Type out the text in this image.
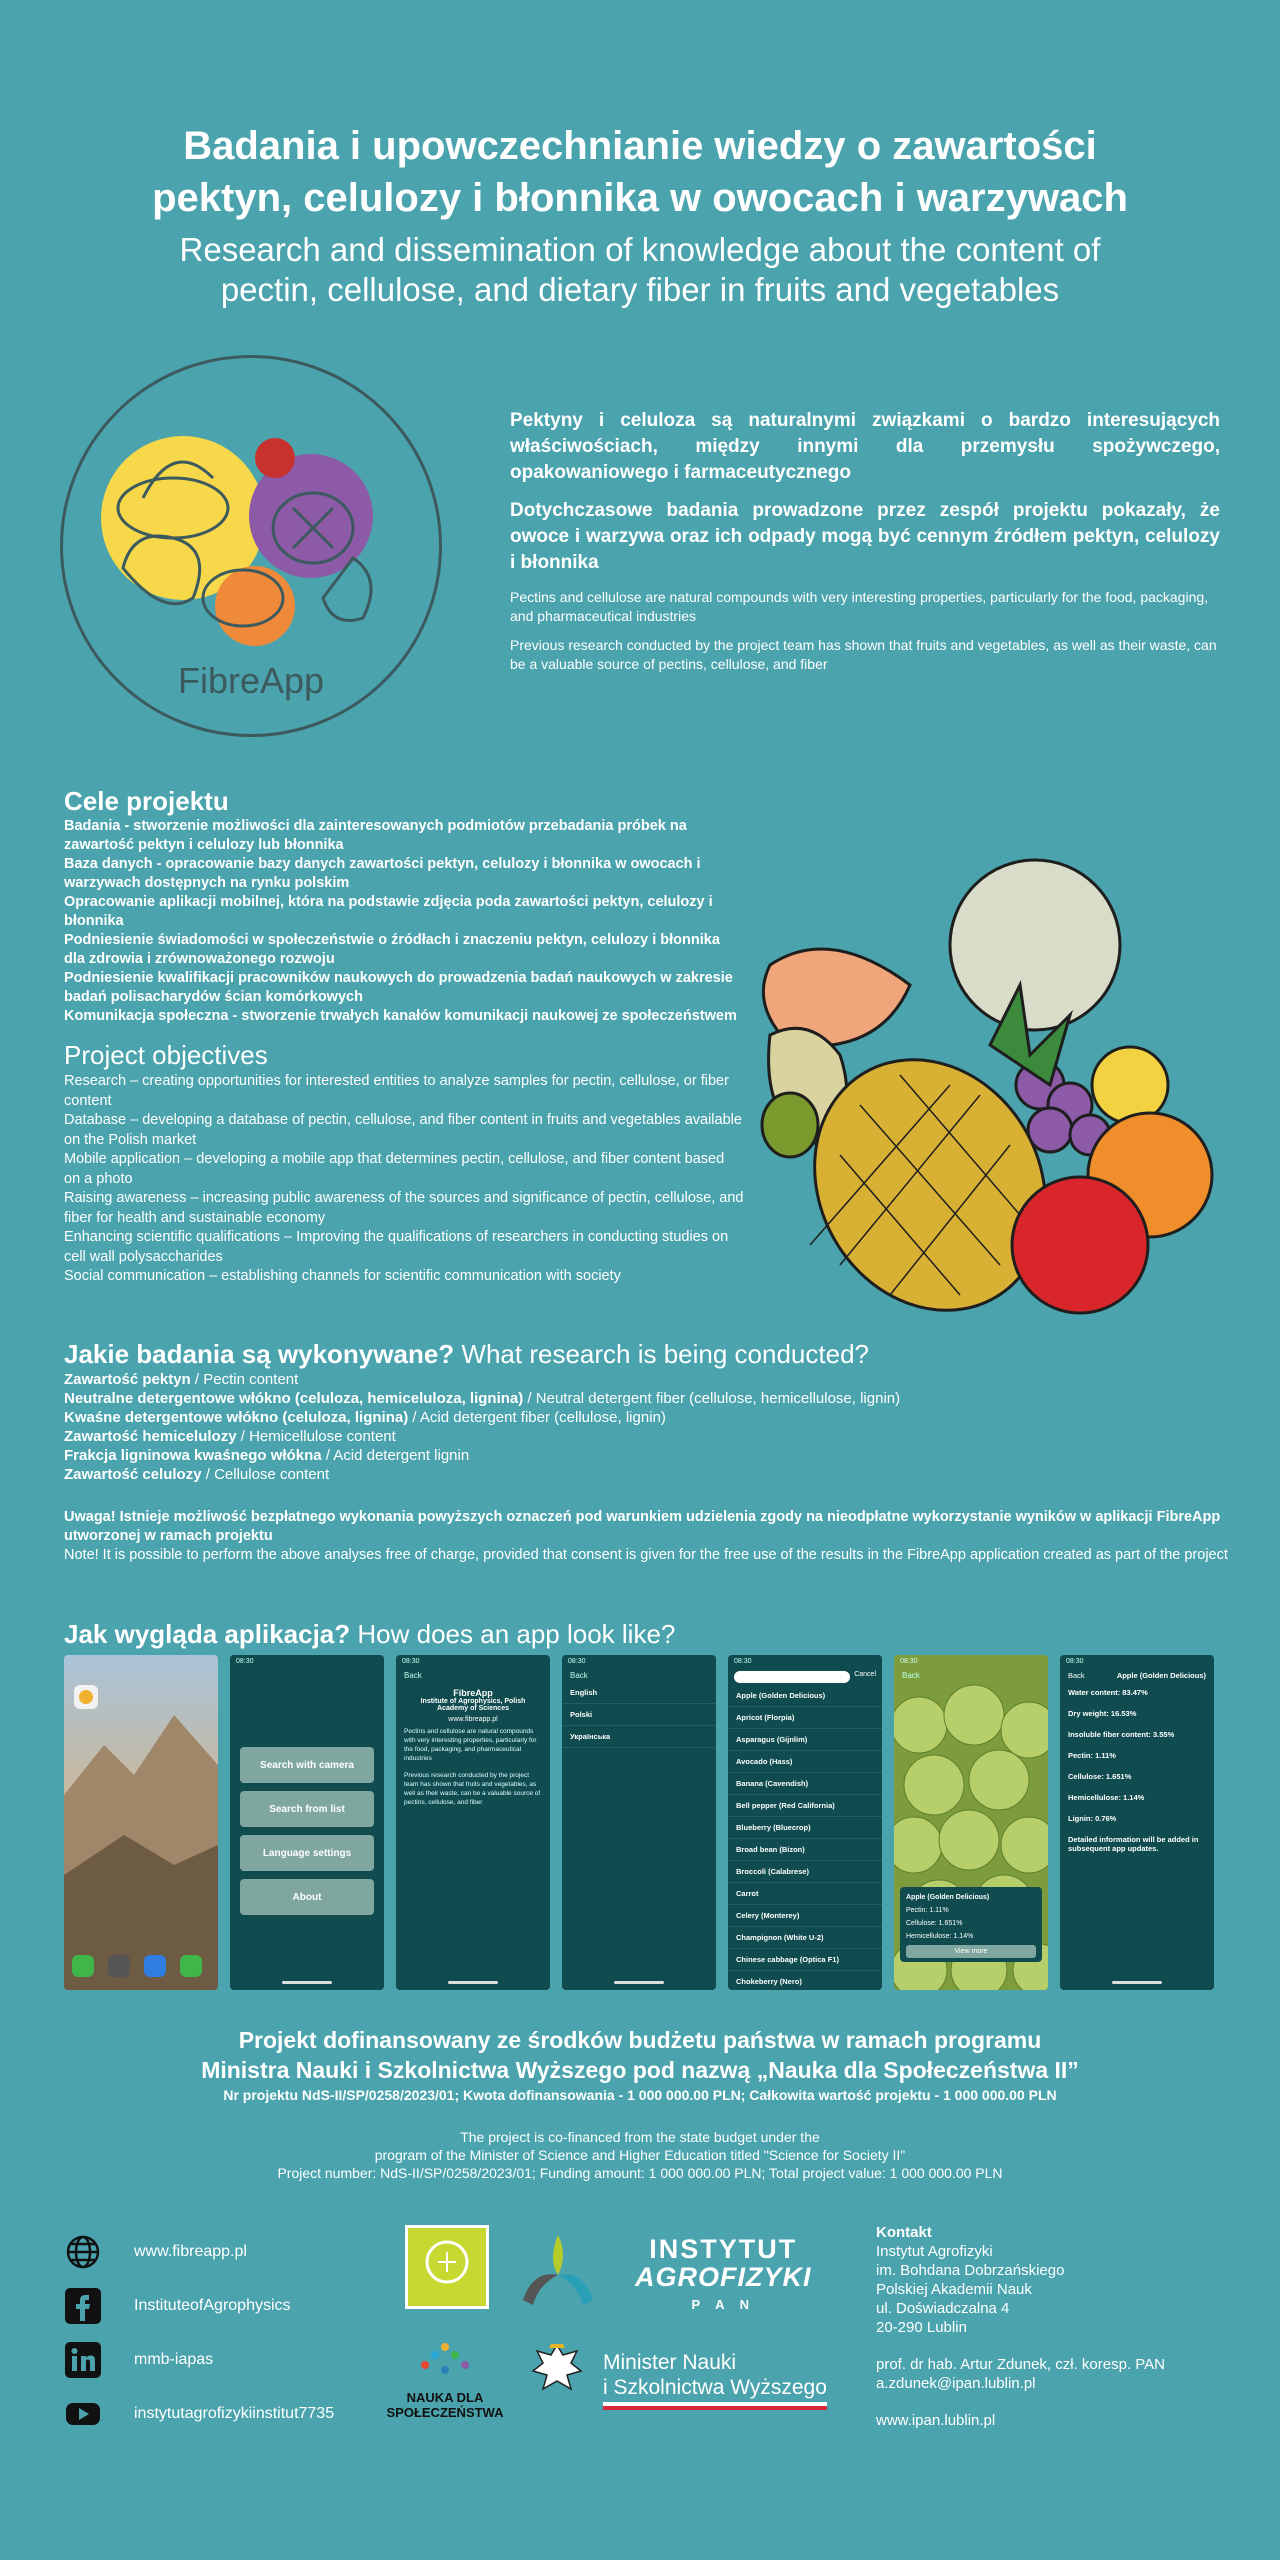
Badania i upowczechnianie wiedzy o zawartości
pektyn, celulozy i błonnika w owocach i warzywach
Research and dissemination of knowledge about the content of
pectin, cellulose, and dietary fiber in fruits and vegetables
FibreApp

Pektyny i celuloza są naturalnymi związkami o bardzo interesujących właściwościach, między innymi dla przemysłu spożywczego, opakowaniowego i farmaceutycznego

Dotychczasowe badania prowadzone przez zespół projektu pokazały, że owoce i warzywa oraz ich odpady mogą być cennym źródłem pektyn, celulozy i błonnika

Pectins and cellulose are natural compounds with very interesting properties, particularly for the food, packaging, and pharmaceutical industries

Previous research conducted by the project team has shown that fruits and vegetables, as well as their waste, can be a valuable source of pectins, cellulose, and fiber

Cele projektu
Badania - stworzenie możliwości dla zainteresowanych podmiotów przebadania próbek na zawartość pektyn i celulozy lub błonnika
Baza danych - opracowanie bazy danych zawartości pektyn, celulozy i błonnika w owocach i warzywach dostępnych na rynku polskim
Opracowanie aplikacji mobilnej, która na podstawie zdjęcia poda zawartości pektyn, celulozy i błonnika
Podniesienie świadomości w społeczeństwie o źródłach i znaczeniu pektyn, celulozy i błonnika dla zdrowia i zrównoważonego rozwoju
Podniesienie kwalifikacji pracowników naukowych do prowadzenia badań naukowych w zakresie badań polisacharydów ścian komórkowych
Komunikacja społeczna - stworzenie trwałych kanałów komunikacji naukowej ze społeczeństwem
Project objectives
Research – creating opportunities for interested entities to analyze samples for pectin, cellulose, or fiber content
Database – developing a database of pectin, cellulose, and fiber content in fruits and vegetables available on the Polish market
Mobile application – developing a mobile app that determines pectin, cellulose, and fiber content based on a photo
Raising awareness – increasing public awareness of the sources and significance of pectin, cellulose, and fiber for health and sustainable economy
Enhancing scientific qualifications – Improving the qualifications of researchers in conducting studies on cell wall polysaccharides
Social communication – establishing channels for scientific communication with society
Jakie badania są wykonywane? What research is being conducted?
Zawartość pektyn / Pectin content
Neutralne detergentowe włókno (celuloza, hemiceluloza, lignina) / Neutral detergent fiber (cellulose, hemicellulose, lignin)
Kwaśne detergentowe włókno (celuloza, lignina) / Acid detergent fiber (cellulose, lignin)
Zawartość hemicelulozy / Hemicellulose content
Frakcja ligninowa kwaśnego włókna / Acid detergent lignin
Zawartość celulozy / Cellulose content
Uwaga! Istnieje możliwość bezpłatnego wykonania powyższych oznaczeń pod warunkiem udzielenia zgody na nieodpłatne wykorzystanie wyników w aplikacji FibreApp utworzonej w ramach projektu
Note! It is possible to perform the above analyses free of charge, provided that consent is given for the free use of the results in the FibreApp application created as part of the project
Jak wygląda aplikacja? How does an app look like?
08:30
Search with camera
Search from list
Language settings
About
08:30
Back
FibreApp
Institute of Agrophysics, Polish Academy of Sciences
www.fibreapp.pl
Pectins and cellulose are natural compounds with very interesting properties, particularly for the food, packaging, and pharmaceutical industries
Previous research conducted by the project team has shown that fruits and vegetables, as well as their waste, can be a valuable source of pectins, cellulose, and fiber
08:30
Back
English
Polski
Українська
08:30
Cancel
Apple (Golden Delicious)
Apricot (Florpia)
Asparagus (Gijnlim)
Avocado (Hass)
Banana (Cavendish)
Bell pepper (Red California)
Blueberry (Bluecrop)
Broad bean (Bizon)
Broccoli (Calabrese)
Carrot
Celery (Monterey)
Champignon (White U-2)
Chinese cabbage (Optica F1)
Chokeberry (Nero)
08:30
Back
Apple (Golden Delicious)
Pectin: 1.11%
Cellulose: 1.651%
Hemicellulose: 1.14%
View more
08:30
Back	Apple (Golden Delicious)
Water content: 83.47%
Dry weight: 16.53%
Insoluble fiber content: 3.55%
Pectin: 1.11%
Cellulose: 1.651%
Hemicellulose: 1.14%
Lignin: 0.76%
Detailed information will be added in subsequent app updates.
Projekt dofinansowany ze środków budżetu państwa w ramach programu
Ministra Nauki i Szkolnictwa Wyższego pod nazwą „Nauka dla Społeczeństwa II”
Nr projektu NdS-II/SP/0258/2023/01; Kwota dofinansowania - 1 000 000.00 PLN; Całkowita wartość projektu - 1 000 000.00 PLN
The project is co-financed from the state budget under the
program of the Minister of Science and Higher Education titled "Science for Society II"
Project number: NdS-II/SP/0258/2023/01; Funding amount: 1 000 000.00 PLN; Total project value: 1 000 000.00 PLN
www.fibreapp.pl
InstituteofAgrophysics
mmb-iapas
instytutagrofizykiinstitut7735
INSTYTUT
AGROFIZYKI
P A N
NAUKA DLA
SPOŁECZEŃSTWA
Minister Nauki
i Szkolnictwa Wyższego
Kontakt
Instytut Agrofizyki
im. Bohdana Dobrzańskiego
Polskiej Akademii Nauk
ul. Doświadczalna 4
20-290 Lublin
prof. dr hab. Artur Zdunek, czł. koresp. PAN
a.zdunek@ipan.lublin.pl
www.ipan.lublin.pl
